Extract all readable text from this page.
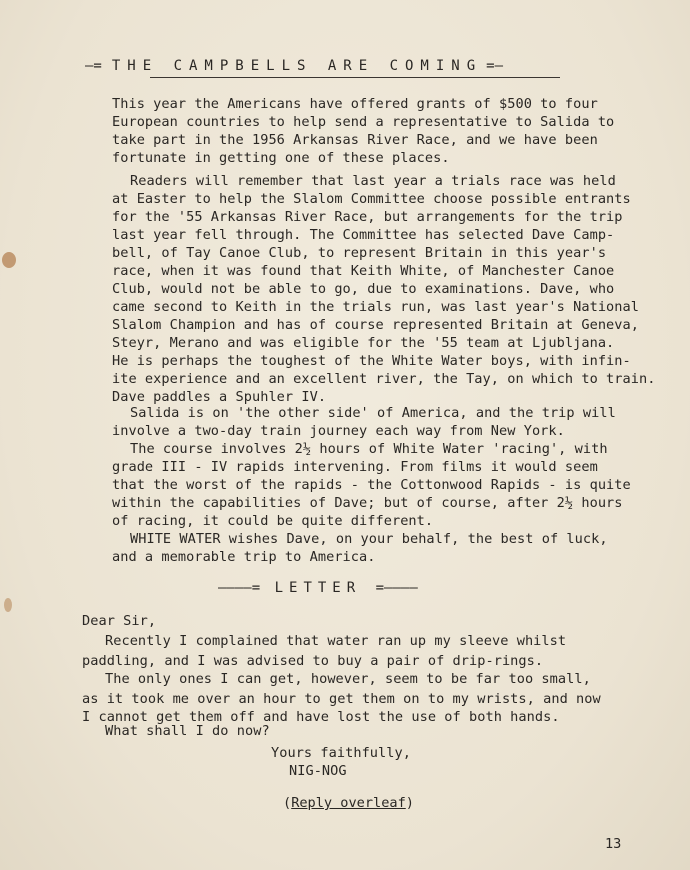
—= THE CAMPBELLS ARE COMING =—
This year the Americans have offered grants of $500 to four
European countries to help send a representative to Salida to
take part in the 1956 Arkansas River Race, and we have been
fortunate in getting one of these places.
Readers will remember that last year a trials race was held
at Easter to help the Slalom Committee choose possible entrants
for the '55 Arkansas River Race, but arrangements for the trip
last year fell through. The Committee has selected Dave Camp-
bell, of Tay Canoe Club, to represent Britain in this year's
race, when it was found that Keith White, of Manchester Canoe
Club, would not be able to go, due to examinations. Dave, who
came second to Keith in the trials run, was last year's National
Slalom Champion and has of course represented Britain at Geneva,
Steyr, Merano and was eligible for the '55 team at Ljubljana.
He is perhaps the toughest of the White Water boys, with infin-
ite experience and an excellent river, the Tay, on which to train.
Dave paddles a Spuhler IV.
Salida is on 'the other side' of America, and the trip will
involve a two-day train journey each way from New York.
The course involves 2½ hours of White Water 'racing', with
grade III - IV rapids intervening. From films it would seem
that the worst of the rapids - the Cottonwood Rapids - is quite
within the capabilities of Dave; but of course, after 2½ hours
of racing, it could be quite different.
WHITE WATER wishes Dave, on your behalf, the best of luck,
and a memorable trip to America.
————= LETTER =————
Dear Sir,
Recently I complained that water ran up my sleeve whilst
paddling, and I was advised to buy a pair of drip-rings.
The only ones I can get, however, seem to be far too small,
as it took me over an hour to get them on to my wrists, and now
I cannot get them off and have lost the use of both hands.
What shall I do now?
Yours faithfully,
NIG-NOG
(Reply overleaf)
13
